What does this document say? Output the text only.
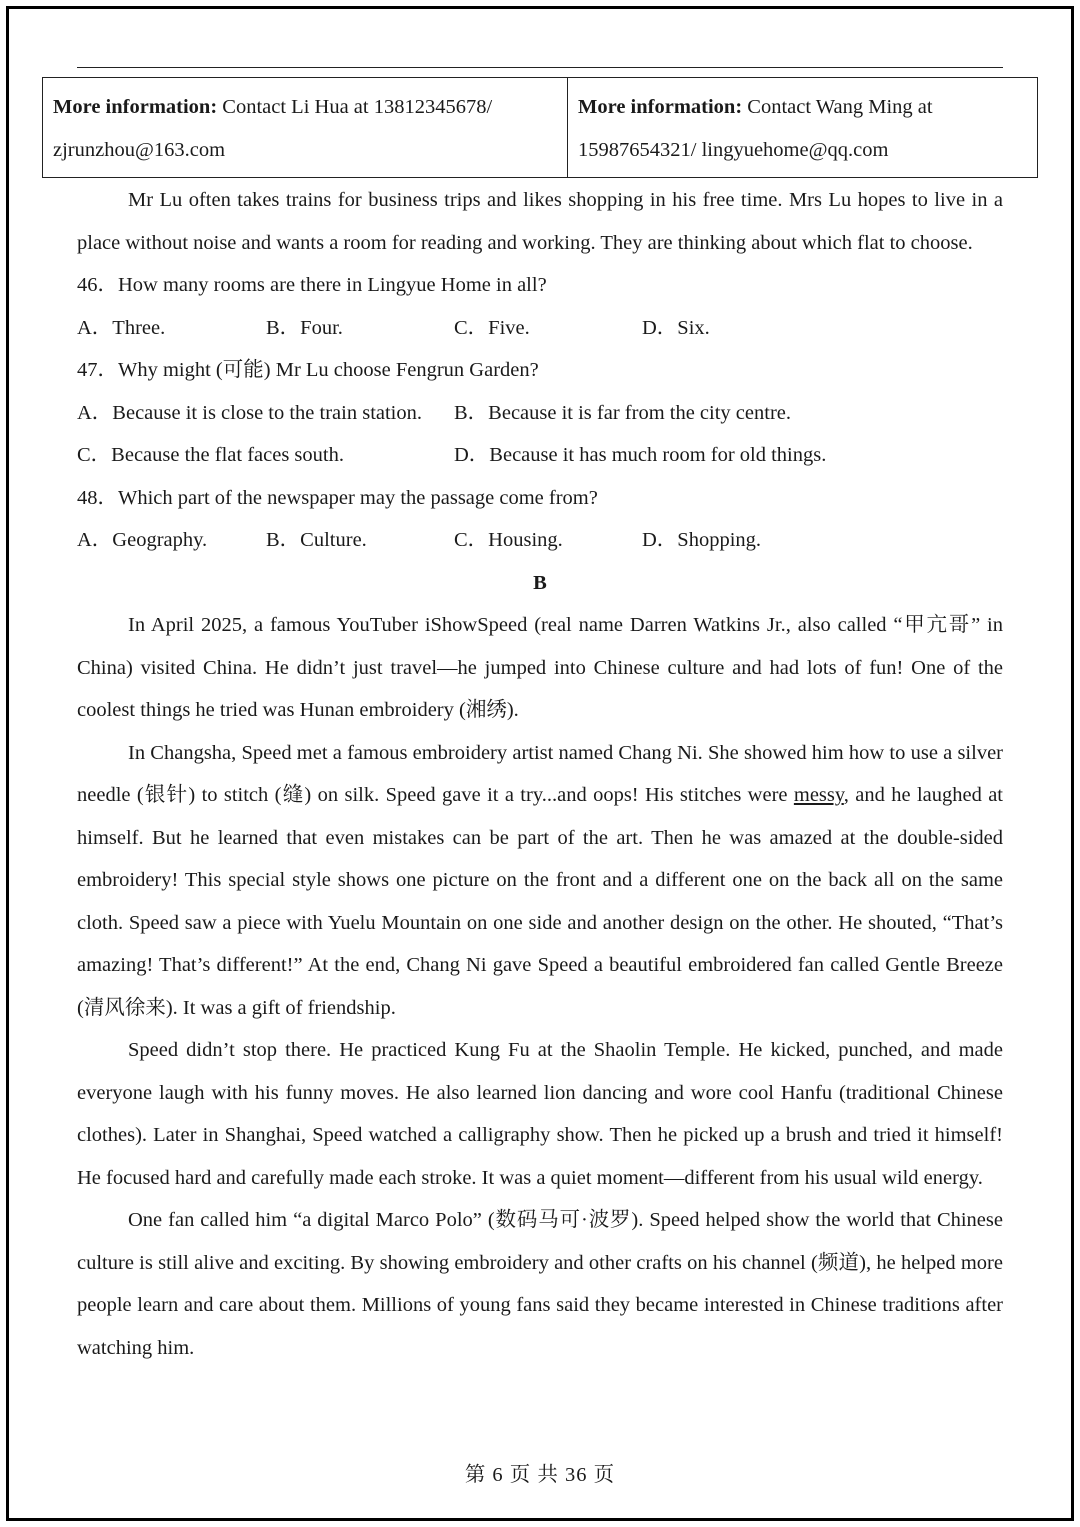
More information: Contact Li Hua at 13812345678/
zjrunzhou@163.com	
More information: Contact Wang Ming at
15987654321/ lingyuehome@qq.com

Mr Lu often takes trains for business trips and likes shopping in his free time. Mrs Lu hopes to live in a place without noise and wants a room for reading and working. They are thinking about which flat to choose.

46．How many rooms are there in Lingyue Home in all?

A．Three.	B．Four.	C．Five.	D．Six.

47．Why might (可能) Mr Lu choose Fengrun Garden?

A．Because it is close to the train station. B．Because it is far from the city centre.
C．Because the flat faces south.	D．Because it has much room for old things.

48．Which part of the newspaper may the passage come from?

A．Geography.	B．Culture.	C．Housing.	D．Shopping.

B

In April 2025, a famous YouTuber iShowSpeed (real name Darren Watkins Jr., also called “甲亢哥” in China) visited China. He didn’t just travel—he jumped into Chinese culture and had lots of fun! One of the coolest things he tried was Hunan embroidery (湘绣).

In Changsha, Speed met a famous embroidery artist named Chang Ni. She showed him how to use a silver needle (银针) to stitch (缝) on silk. Speed gave it a try...and oops! His stitches were messy, and he laughed at himself. But he learned that even mistakes can be part of the art. Then he was amazed at the double-sided embroidery! This special style shows one picture on the front and a different one on the back all on the same cloth. Speed saw a piece with Yuelu Mountain on one side and another design on the other. He shouted, “That’s amazing! That’s different!” At the end, Chang Ni gave Speed a beautiful embroidered fan called Gentle Breeze (清风徐来). It was a gift of friendship.

Speed didn’t stop there. He practiced Kung Fu at the Shaolin Temple. He kicked, punched, and made everyone laugh with his funny moves. He also learned lion dancing and wore cool Hanfu (traditional Chinese clothes). Later in Shanghai, Speed watched a calligraphy show. Then he picked up a brush and tried it himself! He focused hard and carefully made each stroke. It was a quiet moment—different from his usual wild energy.

One fan called him “a digital Marco Polo” (数码马可·波罗). Speed helped show the world that Chinese culture is still alive and exciting. By showing embroidery and other crafts on his channel (频道), he helped more people learn and care about them. Millions of young fans said they became interested in Chinese traditions after watching him.

第 6 页 共 36 页
